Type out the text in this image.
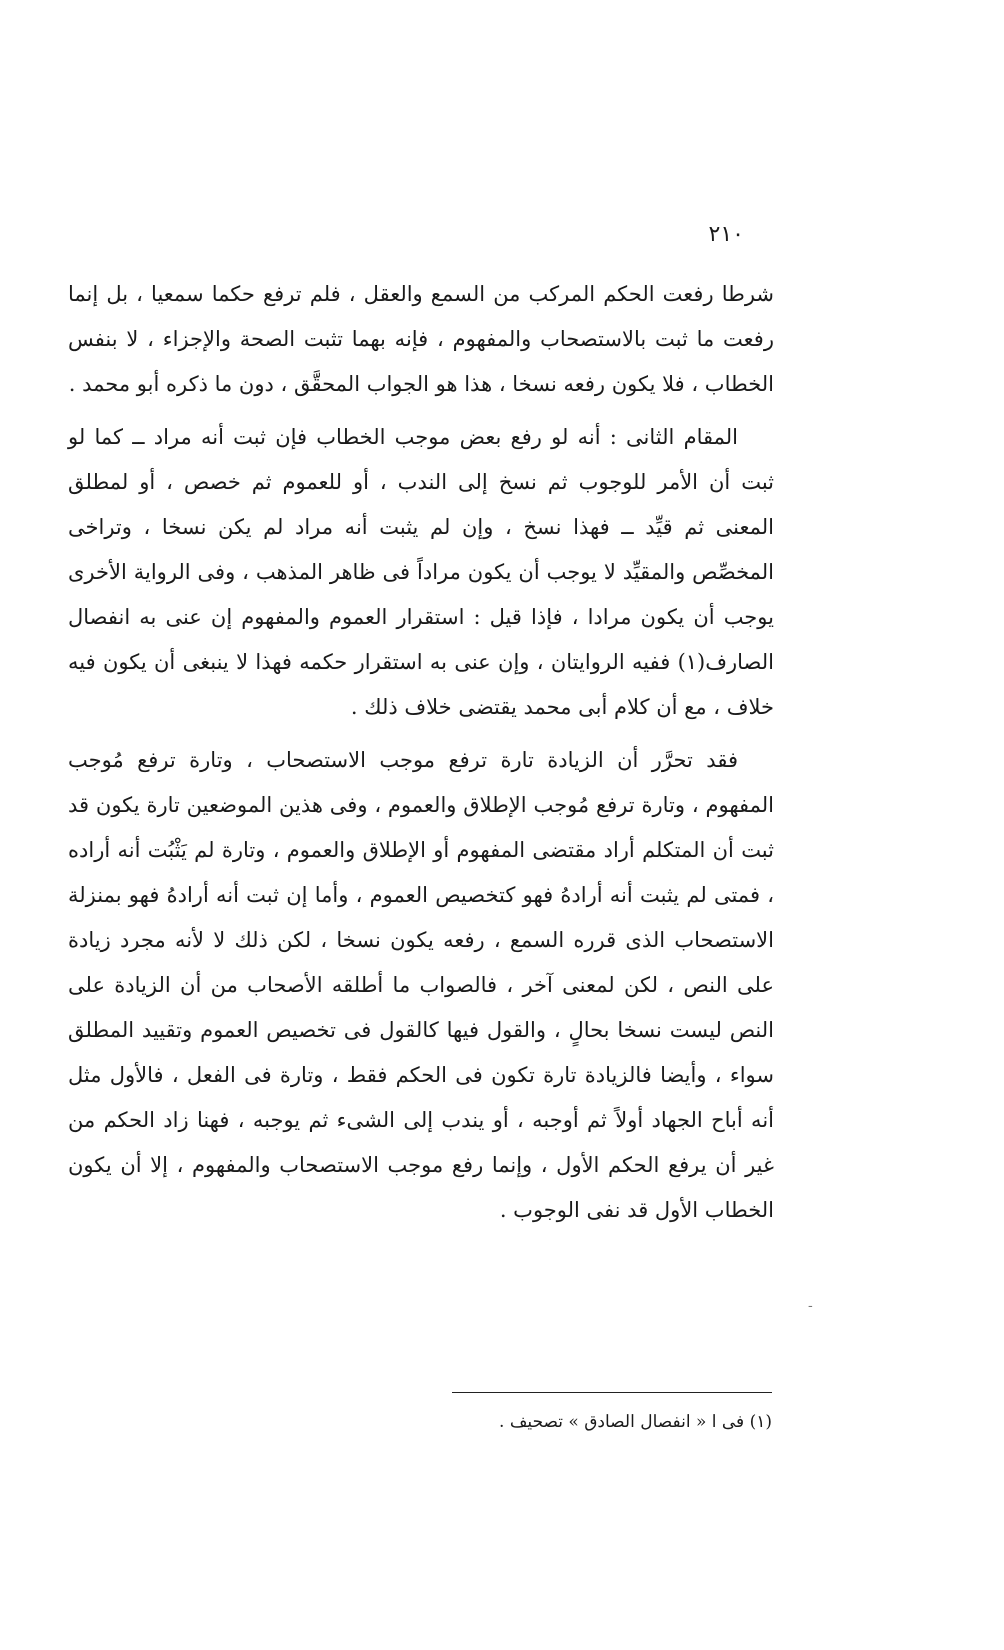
٢١٠

شرطا رفعت الحكم المركب من السمع والعقل ، فلم ترفع حكما سمعيا ، بل إنما رفعت ما ثبت بالاستصحاب والمفهوم ، فإنه بهما تثبت الصحة والإجزاء ، لا بنفس الخطاب ، فلا يكون رفعه نسخا ، هذا هو الجواب المحقَّق ، دون ما ذكره أبو محمد .

المقام الثانى : أنه لو رفع بعض موجب الخطاب فإن ثبت أنه مراد ــ كما لو ثبت أن الأمر للوجوب ثم نسخ إلى الندب ، أو للعموم ثم خصص ، أو لمطلق المعنى ثم قيِّد ــ فهذا نسخ ، وإن لم يثبت أنه مراد لم يكن نسخا ، وتراخى المخصِّص والمقيِّد لا يوجب أن يكون مراداً فى ظاهر المذهب ، وفى الرواية الأخرى يوجب أن يكون مرادا ، فإذا قيل : استقرار العموم والمفهوم إن عنى به انفصال الصارف(١) ففيه الروايتان ، وإن عنى به استقرار حكمه فهذا لا ينبغى أن يكون فيه خلاف ، مع أن كلام أبى محمد يقتضى خلاف ذلك .

فقد تحرَّر أن الزيادة تارة ترفع موجب الاستصحاب ، وتارة ترفع مُوجب المفهوم ، وتارة ترفع مُوجب الإطلاق والعموم ، وفى هذين الموضعين تارة يكون قد ثبت أن المتكلم أراد مقتضى المفهوم أو الإطلاق والعموم ، وتارة لم يَثْبُت أنه أراده ، فمتى لم يثبت أنه أرادهُ فهو كتخصيص العموم ، وأما إن ثبت أنه أرادهُ فهو بمنزلة الاستصحاب الذى قرره السمع ، رفعه يكون نسخا ، لكن ذلك لا لأنه مجرد زيادة على النص ، لكن لمعنى آخر ، فالصواب ما أطلقه الأصحاب من أن الزيادة على النص ليست نسخا بحالٍ ، والقول فيها كالقول فى تخصيص العموم وتقييد المطلق سواء ، وأيضا فالزيادة تارة تكون فى الحكم فقط ، وتارة فى الفعل ، فالأول مثل أنه أباح الجهاد أولاً ثم أوجبه ، أو يندب إلى الشىء ثم يوجبه ، فهنا زاد الحكم من غير أن يرفع الحكم الأول ، وإنما رفع موجب الاستصحاب والمفهوم ، إلا أن يكون الخطاب الأول قد نفى الوجوب .

-
(١) فى ا « انفصال الصادق » تصحيف .
